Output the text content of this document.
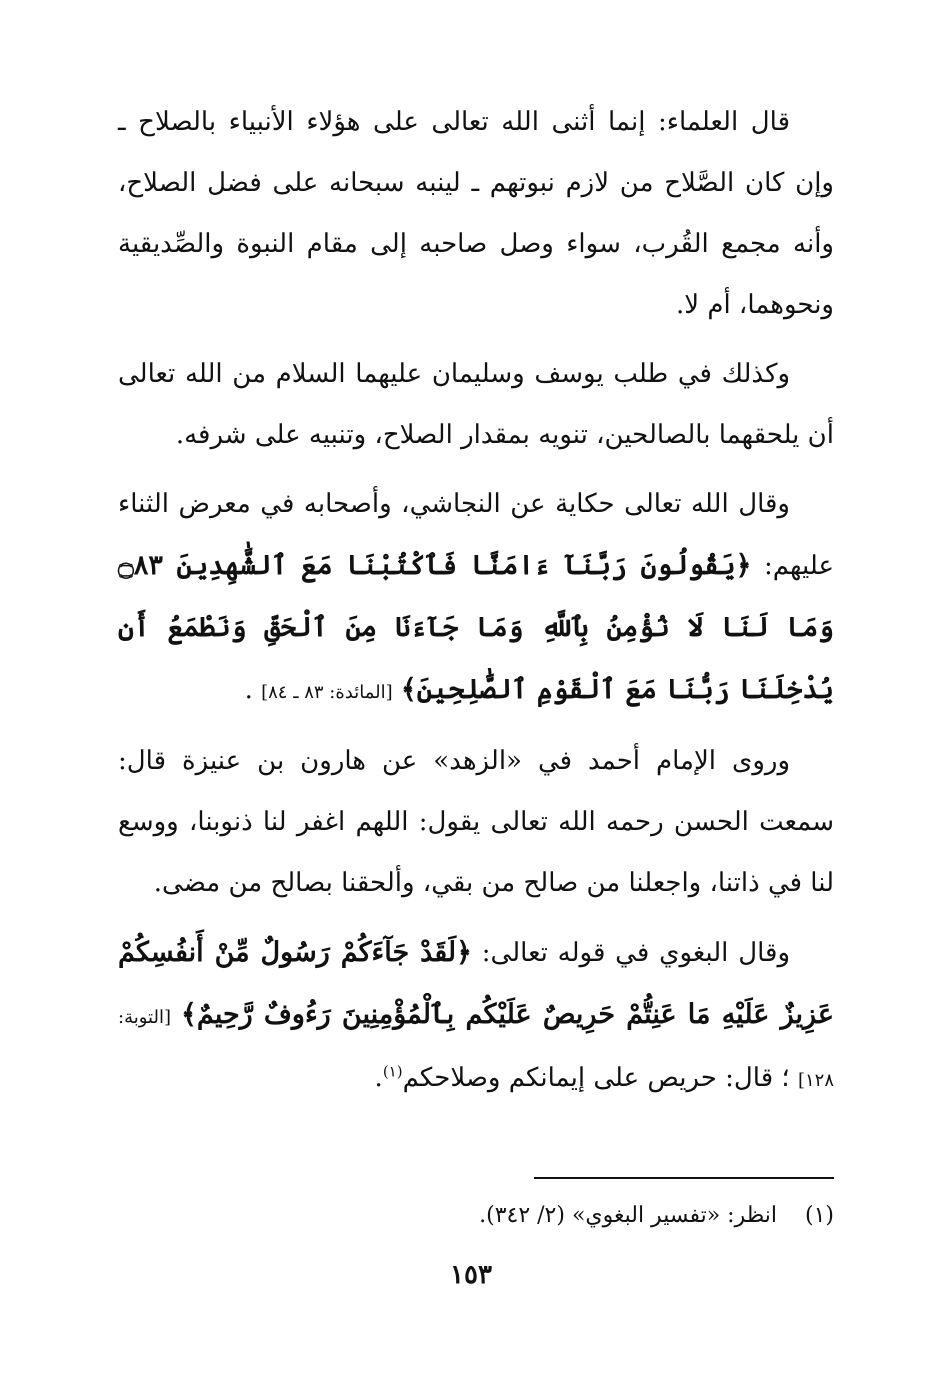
قال العلماء: إنما أثنى الله تعالى على هؤلاء الأنبياء بالصلاح ـ وإن كان الصَّلاح من لازم نبوتهم ـ لينبه سبحانه على فضل الصلاح، وأنه مجمع القُرب، سواء وصل صاحبه إلى مقام النبوة والصِّديقية ونحوهما، أم لا.

وكذلك في طلب يوسف وسليمان عليهما السلام من الله تعالى أن يلحقهما بالصالحين، تنويه بمقدار الصلاح، وتنبيه على شرفه.

وقال الله تعالى حكاية عن النجاشي، وأصحابه في معرض الثناء عليهم: ﴿يَقُولُونَ رَبَّنَآ ءَامَنَّا فَٱكْتُبْنَا مَعَ ٱلشَّٰهِدِينَ ۝٨٣ وَمَا لَنَا لَا نُؤْمِنُ بِٱللَّهِ وَمَا جَآءَنَا مِنَ ٱلْحَقِّ وَنَطْمَعُ أَن يُدْخِلَنَا رَبُّنَا مَعَ ٱلْقَوْمِ ٱلصَّٰلِحِينَ﴾ [المائدة: ٨٣ ـ ٨٤] .

وروى الإمام أحمد في «الزهد» عن هارون بن عنيزة قال: سمعت الحسن رحمه الله تعالى يقول: اللهم اغفر لنا ذنوبنا، ووسع لنا في ذاتنا، واجعلنا من صالح من بقي، وألحقنا بصالح من مضى.

وقال البغوي في قوله تعالى: ﴿لَقَدْ جَآءَكُمْ رَسُولٌ مِّنْ أَنفُسِكُمْ عَزِيزٌ عَلَيْهِ مَا عَنِتُّمْ حَرِيصٌ عَلَيْكُم بِٱلْمُؤْمِنِينَ رَءُوفٌ رَّحِيمٌ﴾ [التوبة: ١٢٨] ؛ قال: حريص على إيمانكم وصلاحكم$^{(١)}$.

(١)    انظر: «تفسير البغوي» (٢/ ٣٤٢).
١٥٣
